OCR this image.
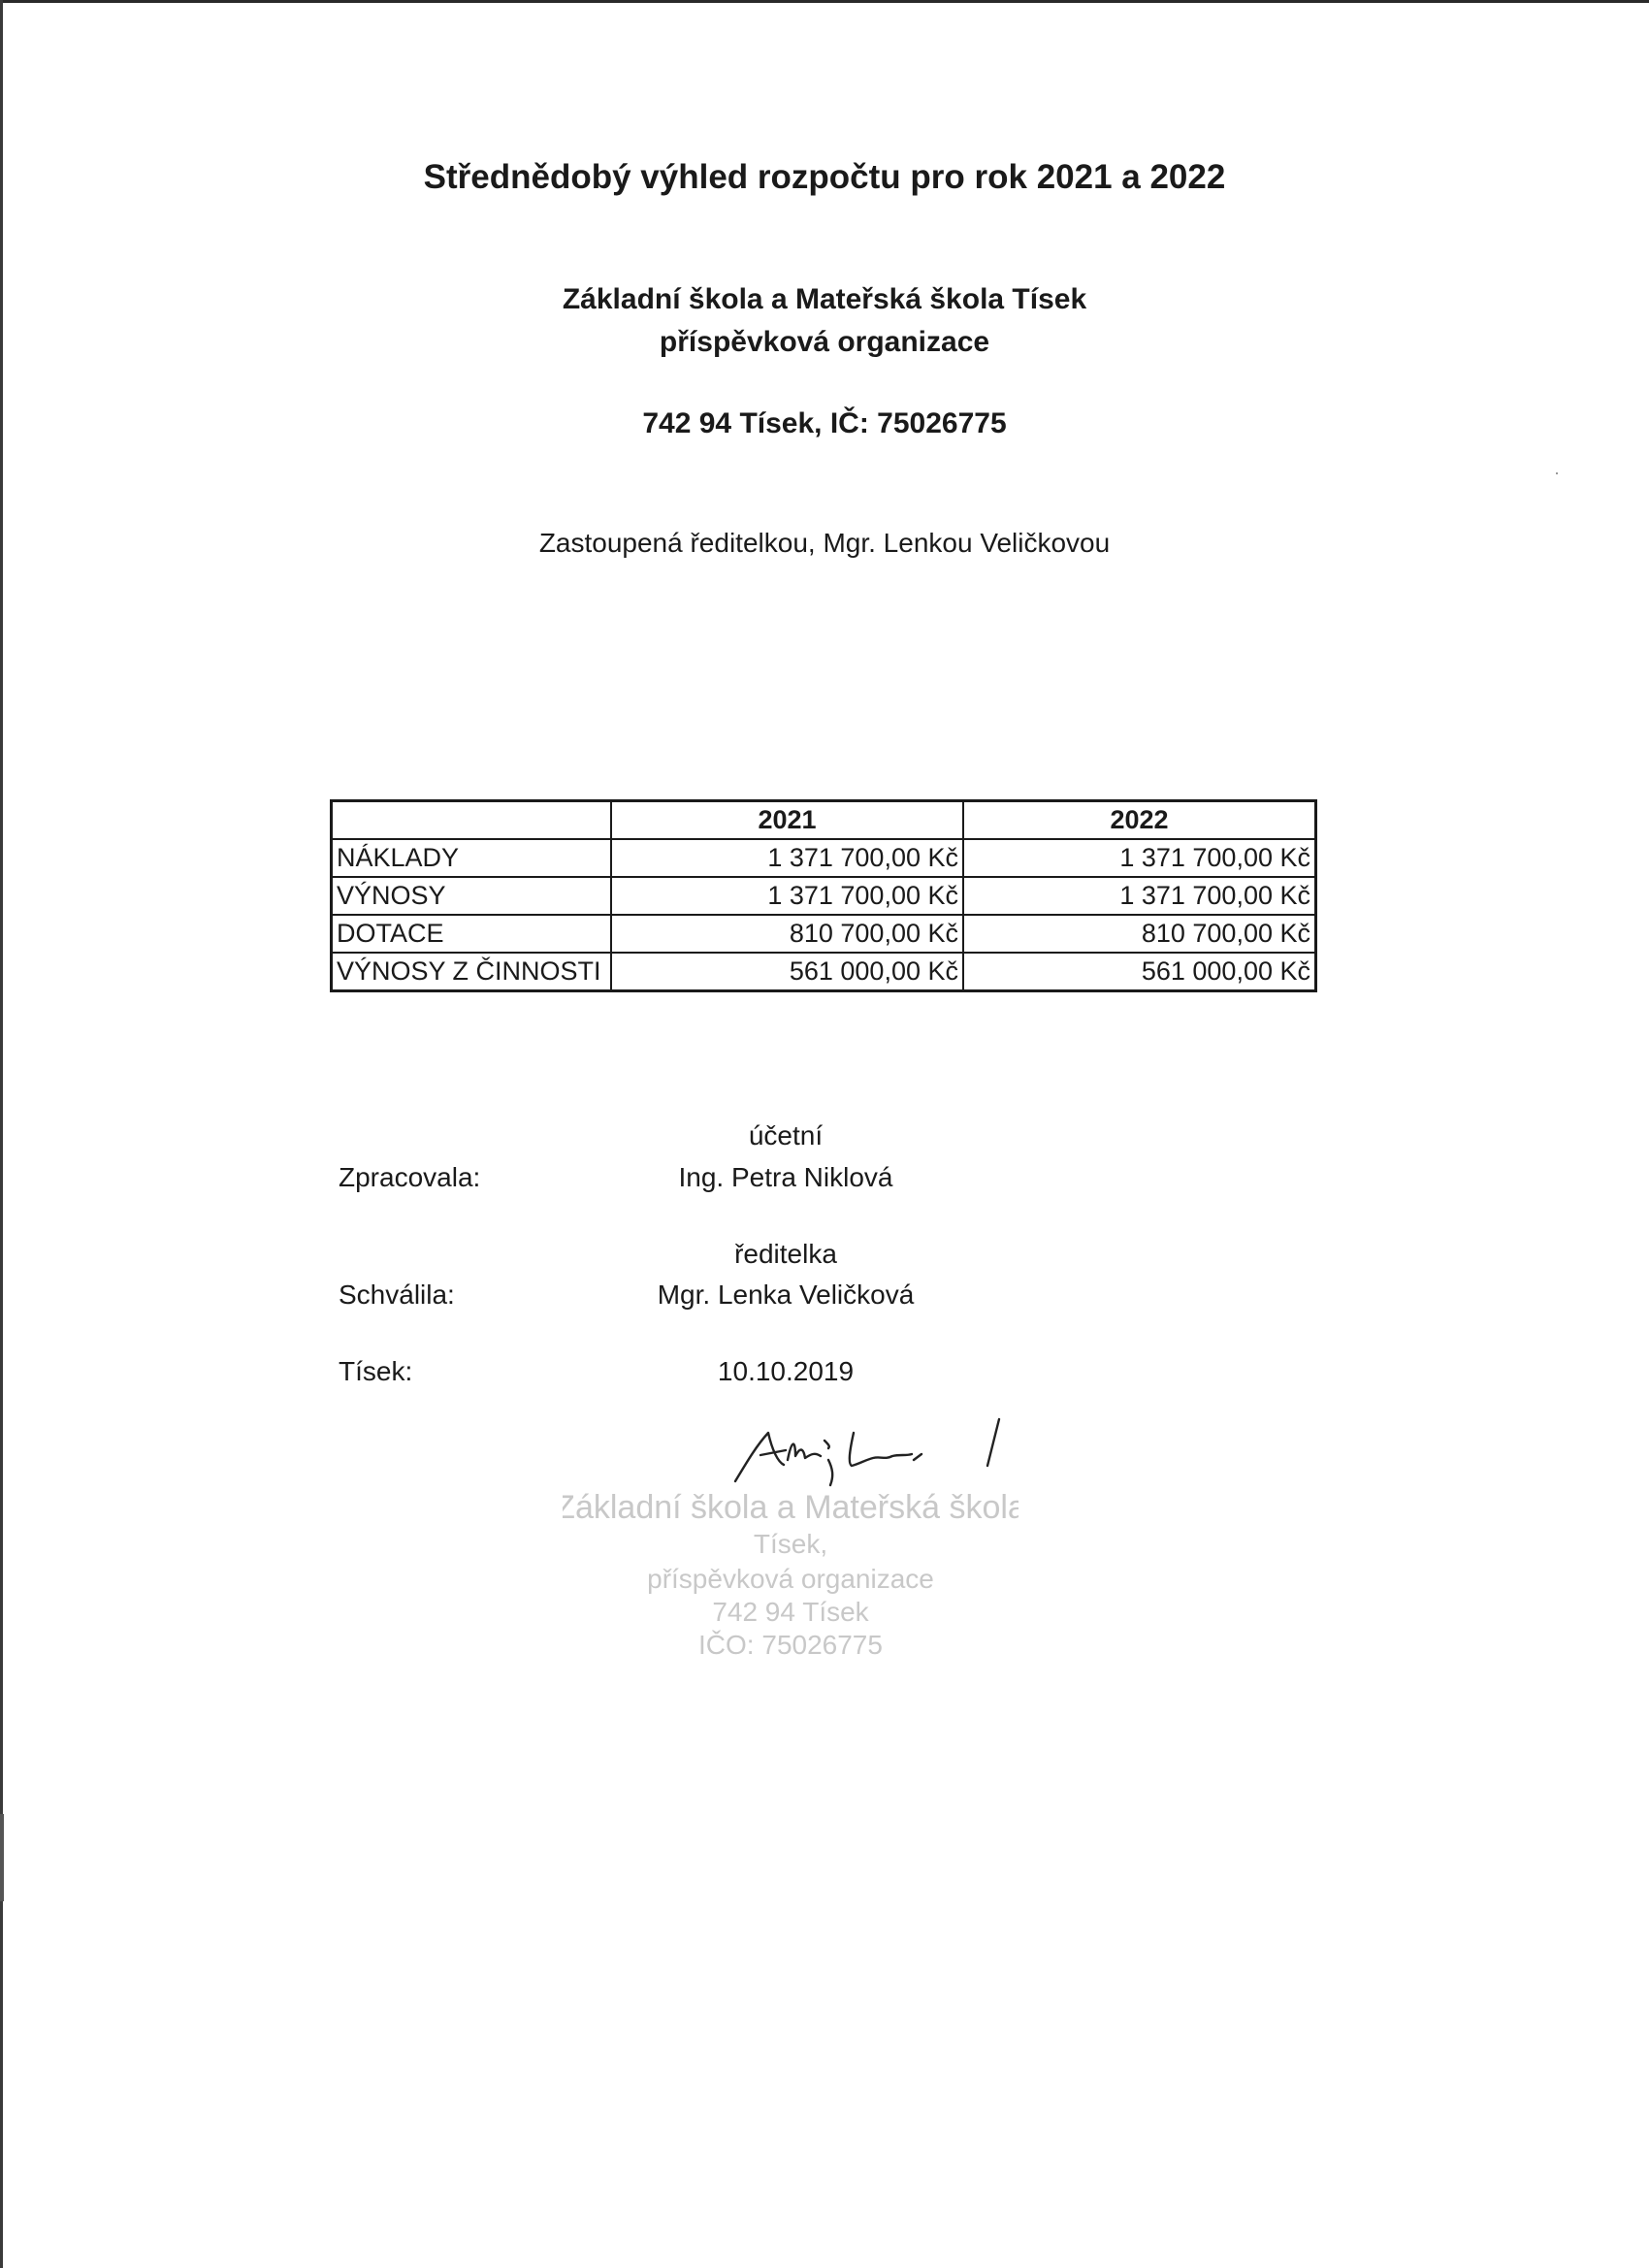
Střednědobý výhled rozpočtu pro rok 2021 a 2022
Základní škola a Mateřská škola Tísek
příspěvková organizace
742 94 Tísek, IČ: 75026775
Zastoupená ředitelkou, Mgr. Lenkou Veličkovou
	2021	2022
NÁKLADY	1 371 700,00 Kč	1 371 700,00 Kč
VÝNOSY	1 371 700,00 Kč	1 371 700,00 Kč
DOTACE	810 700,00 Kč	810 700,00 Kč
VÝNOSY Z ČINNOSTI	561 000,00 Kč	561 000,00 Kč
účetní
Zpracovala:	Ing. Petra Niklová
ředitelka
Schválila:	Mgr. Lenka Veličková
Tísek:	10.10.2019
Základní škola a Mateřská škola
Tísek,
příspěvková organizace
742 94 Tísek
IČO: 75026775
